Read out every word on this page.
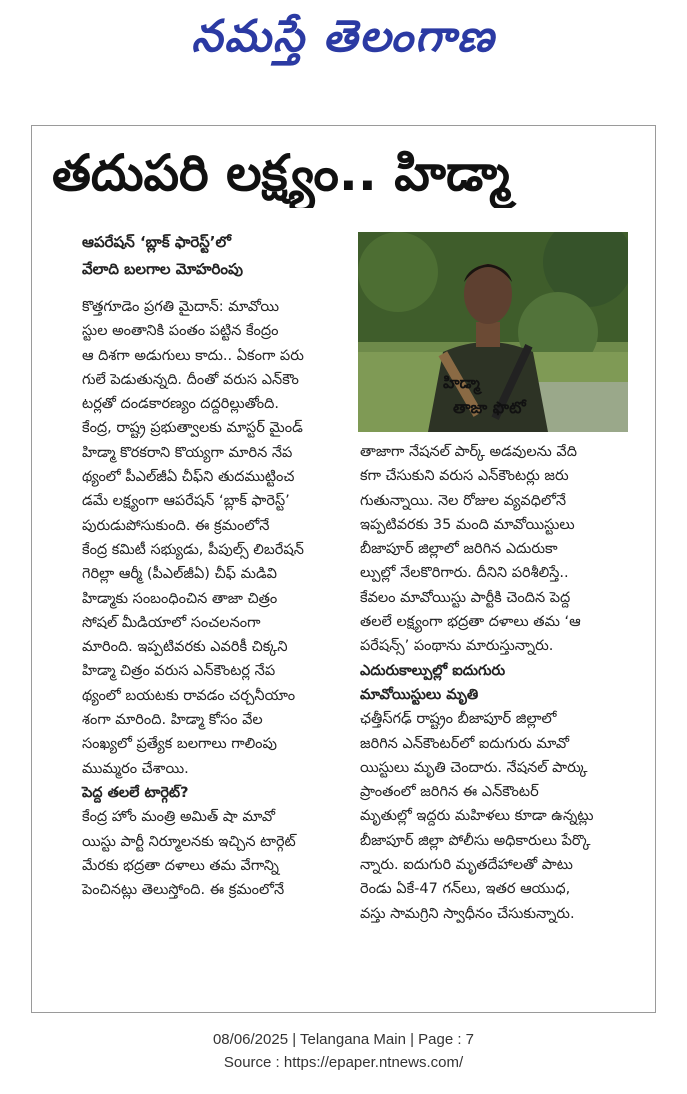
నమస్తే తెలంగాణ
తదుపరి లక్ష్యం.. హిడ్మా
ఆపరేషన్ ‘బ్లాక్ ఫారెస్ట్’లో
వేలాది బలగాల మోహరింపు
హిడ్మా
తాజా ఫొటో

కొత్తగూడెం ప్రగతి మైదాన్: మావోయి

స్టుల అంతానికి పంతం పట్టిన కేంద్రం

ఆ దిశగా అడుగులు కాదు.. ఏకంగా పరు

గులే పెడుతున్నది. దీంతో వరుస ఎన్‌కౌం

టర్లతో దండకారణ్యం దద్దరిల్లుతోంది.

కేంద్ర, రాష్ట్ర ప్రభుత్వాలకు మాస్టర్ మైండ్

హిడ్మా కొరకరాని కొయ్యగా మారిన నేప

థ్యంలో పీఎల్‌జీఏ చీఫ్‌ని తుదముట్టించ

డమే లక్ష్యంగా ఆపరేషన్ ‘బ్లాక్ ఫారెస్ట్’

పురుడుపోసుకుంది. ఈ క్రమంలోనే

కేంద్ర కమిటీ సభ్యుడు, పీపుల్స్ లిబరేషన్

గెరిల్లా ఆర్మీ (పీఎల్‌జీఏ) చీఫ్ మడివి

హిడ్మాకు సంబంధించిన తాజా చిత్రం

సోషల్ మీడియాలో సంచలనంగా

మారింది. ఇప్పటివరకు ఎవరికీ చిక్కని

హిడ్మా చిత్రం వరుస ఎన్‌కౌంటర్ల నేప

థ్యంలో బయటకు రావడం చర్చనీయాం

శంగా మారింది. హిడ్మా కోసం వేల

సంఖ్యలో ప్రత్యేక బలగాలు గాలింపు

ముమ్మరం చేశాయి.

పెద్ద తలలే టార్గెట్?

కేంద్ర హోం మంత్రి అమిత్ షా మావో

యిస్టు పార్టీ నిర్మూలనకు ఇచ్చిన టార్గెట్

మేరకు భద్రతా దళాలు తమ వేగాన్ని

పెంచినట్లు తెలుస్తోంది. ఈ క్రమంలోనే

తాజాగా నేషనల్ పార్క్ అడవులను వేది

కగా చేసుకుని వరుస ఎన్‌కౌంటర్లు జరు

గుతున్నాయి. నెల రోజుల వ్యవధిలోనే

ఇప్పటివరకు 35 మంది మావోయిస్టులు

బీజాపూర్ జిల్లాలో జరిగిన ఎదురుకా

ల్పుల్లో నేలకొరిగారు. దీనిని పరిశీలిస్తే..

కేవలం మావోయిస్టు పార్టీకి చెందిన పెద్ద

తలలే లక్ష్యంగా భద్రతా దళాలు తమ ‘ఆ

పరేషన్స్’ పంథాను మారుస్తున్నారు.

ఎదురుకాల్పుల్లో ఐదుగురు

మావోయిస్టులు మృతి

ఛత్తీస్‌గఢ్ రాష్ట్రం బీజాపూర్ జిల్లాలో

జరిగిన ఎన్‌కౌంటర్‌లో ఐదుగురు మావో

యిస్టులు మృతి చెందారు. నేషనల్ పార్కు

ప్రాంతంలో జరిగిన ఈ ఎన్‌కౌంటర్

మృతుల్లో ఇద్దరు మహిళలు కూడా ఉన్నట్లు

బీజాపూర్ జిల్లా పోలీసు అధికారులు పేర్కొ

న్నారు. ఐదుగురి మృతదేహాలతో పాటు

రెండు ఏకే-47 గన్‌లు, ఇతర ఆయుధ,

వస్తు సామగ్రిని స్వాధీనం చేసుకున్నారు.

08/06/2025 | Telangana Main | Page : 7
Source : https://epaper.ntnews.com/
